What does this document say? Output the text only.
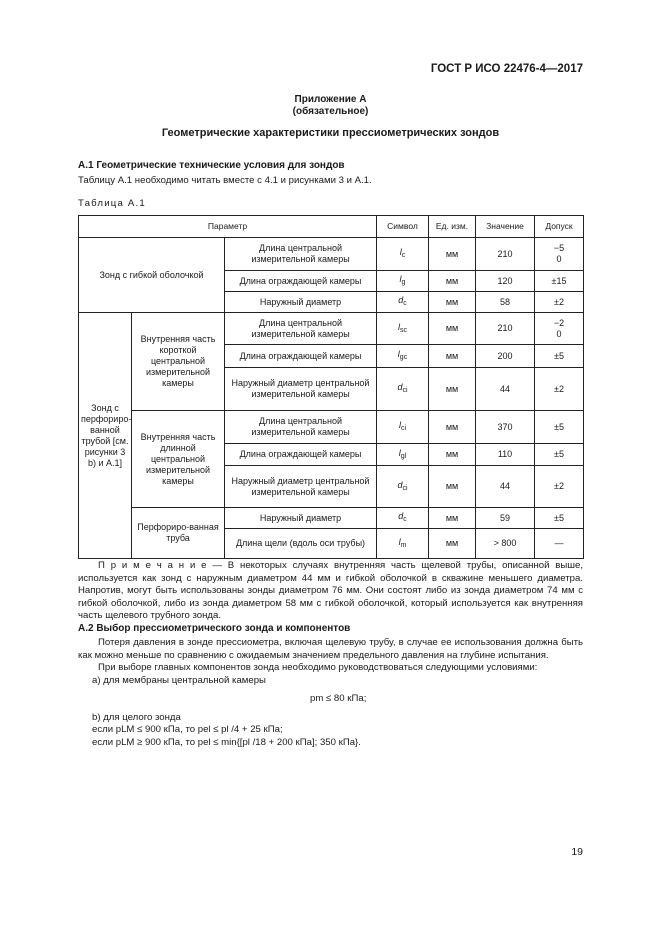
ГОСТ Р ИСО 22476-4—2017
Приложение А
(обязательное)
Геометрические характеристики прессиометрических зондов
А.1 Геометрические технические условия для зондов
Таблицу А.1 необходимо читать вместе с 4.1 и рисунками 3 и А.1.
Таблица А.1
Параметр			Символ	Ед. изм.	Значение	Допуск
Зонд с гибкой оболочкой		Длина центральной измерительной камеры	$l_c$	мм	210	−5
0

		Длина ограждающей камеры	$l_g$	мм	120	±15
		Наружный диаметр	$d_c$	мм	58	±2
Зонд с перфориро-ванной трубой [см. рисунки 3 b) и А.1]	Внутренняя часть короткой центральной измерительной камеры	Длина центральной измерительной камеры	$l_{sc}$	мм	210	−2
0

		Длина ограждающей камеры	$l_{gc}$	мм	200	±5
		Наружный диаметр центральной измерительной камеры	$d_{ci}$	мм	44	±2
	Внутренняя часть длинной центральной измерительной камеры	Длина центральной измерительной камеры	$l_{ci}$	мм	370	±5
		Длина ограждающей камеры	$l_{gl}$	мм	110	±5
		Наружный диаметр центральной измерительной камеры	$d_{ci}$	мм	44	±2
	Перфориро-ванная труба	Наружный диаметр	$d_c$	мм	59	±5
		Длина щели (вдоль оси трубы)	$l_m$	мм	> 800	—
П р и м е ч а н и е — В некоторых случаях внутренняя часть щелевой трубы, описанной выше, используется как зонд с наружным диаметром 44 мм и гибкой оболочкой в скважине меньшего диаметра. Напротив, могут быть использованы зонды диаметром 76 мм. Они состоят либо из зонда диаметром 74 мм с гибкой оболочкой, либо из зонда диаметром 58 мм с гибкой оболочкой, который используется как внутренняя часть щелевого трубного зонда.
А.2 Выбор прессиометрического зонда и компонентов
Потеря давления в зонде прессиометра, включая щелевую трубу, в случае ее использования должна быть как можно меньше по сравнению с ожидаемым значением предельного давления на глубине испытания.
При выборе главных компонентов зонда необходимо руководствоваться следующими условиями:
a) для мембраны центральной камеры
pm ≤ 80 кПа;
b) для целого зонда
если pLM ≤ 900 кПа, то pel ≤ pl /4 + 25 кПа;
если pLM ≥ 900 кПа, то pel ≤ min{[pl /18 + 200 кПа]; 350 кПа}.
19
